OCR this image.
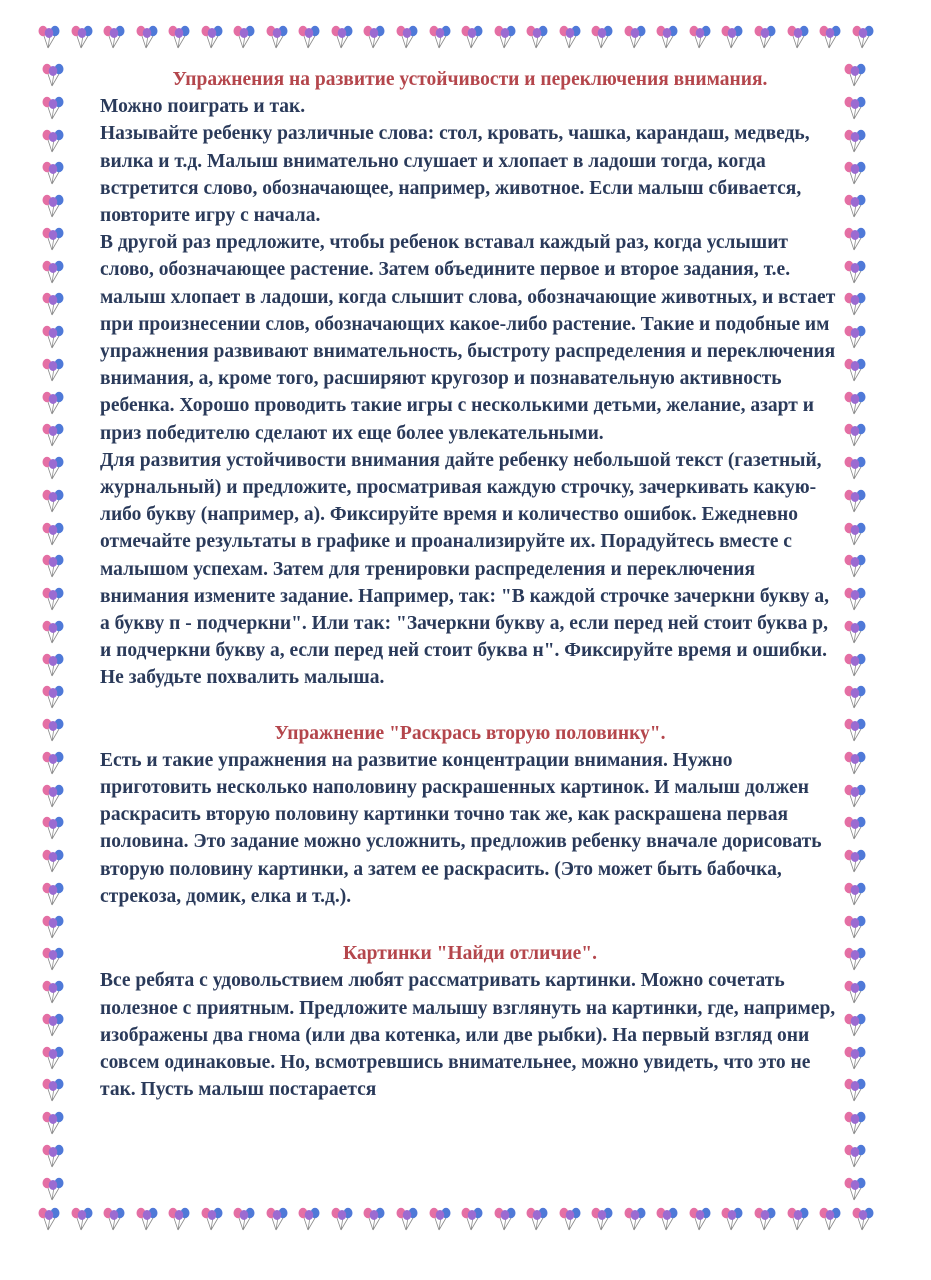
Упражнения на развитие устойчивости и переключения внимания.

Можно поиграть и так.

Называйте ребенку различные слова: стол, кровать, чашка, карандаш, медведь, вилка и т.д. Малыш внимательно слушает и хлопает в ладоши тогда, когда встретится слово, обозначающее, например, животное. Если малыш сбивается, повторите игру с начала.

В другой раз предложите, чтобы ребенок вставал каждый раз, когда услышит слово, обозначающее растение. Затем объедините первое и второе задания, т.е. малыш хлопает в ладоши, когда слышит слова, обозначающие животных, и встает при произнесении слов, обозначающих какое-либо растение. Такие и подобные им упражнения развивают внимательность, быстроту распределения и переключения внимания, а, кроме того, расширяют кругозор и познавательную активность ребенка. Хорошо проводить такие игры с несколькими детьми, желание, азарт и приз победителю сделают их еще более увлекательными.

Для развития устойчивости внимания дайте ребенку небольшой текст (газетный, журнальный) и предложите, просматривая каждую строчку, зачеркивать какую-либо букву (например, а). Фиксируйте время и количество ошибок. Ежедневно отмечайте результаты в графике и проанализируйте их. Порадуйтесь вместе с малышом успехам. Затем для тренировки распределения и переключения внимания измените задание. Например, так: "В каждой строчке зачеркни букву а, а букву п - подчеркни". Или так: "Зачеркни букву а, если перед ней стоит буква р, и подчеркни букву а, если перед ней стоит буква н". Фиксируйте время и ошибки. Не забудьте похвалить малыша.

Упражнение "Раскрась вторую половинку".

Есть и такие упражнения на развитие концентрации внимания. Нужно приготовить несколько наполовину раскрашенных картинок. И малыш должен раскрасить вторую половину картинки точно так же, как раскрашена первая половина. Это задание можно усложнить, предложив ребенку вначале дорисовать вторую половину картинки, а затем ее раскрасить. (Это может быть бабочка, стрекоза, домик, елка и т.д.).

Картинки "Найди отличие".

Все ребята с удовольствием любят рассматривать картинки. Можно сочетать полезное с приятным. Предложите малышу взглянуть на картинки, где, например, изображены два гнома (или два котенка, или две рыбки). На первый взгляд они совсем одинаковые. Но, всмотревшись внимательнее, можно увидеть, что это не так. Пусть малыш постарается
